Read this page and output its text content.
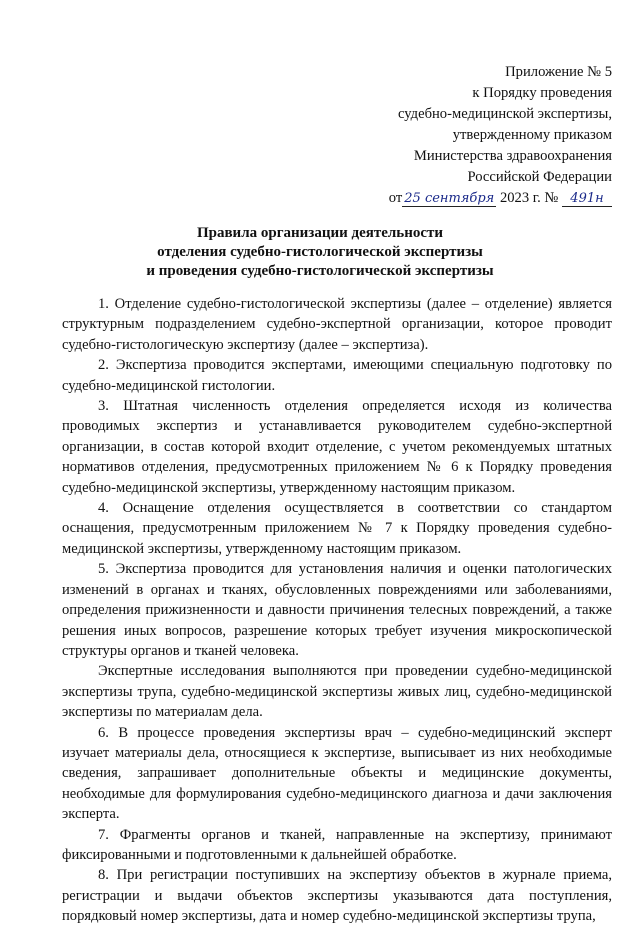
Приложение № 5
к Порядку проведения
судебно-медицинской экспертизы,
утвержденному приказом
Министерства здравоохранения
Российской Федерации
от 25 сентября 2023 г. № 491н
Правила организации деятельности
отделения судебно-гистологической экспертизы
и проведения судебно-гистологической экспертизы

1. Отделение судебно-гистологической экспертизы (далее – отделение) является структурным подразделением судебно-экспертной организации, которое проводит судебно-гистологическую экспертизу (далее – экспертиза).

2. Экспертиза проводится экспертами, имеющими специальную подготовку по судебно-медицинской гистологии.

3. Штатная численность отделения определяется исходя из количества проводимых экспертиз и устанавливается руководителем судебно-экспертной организации, в состав которой входит отделение, с учетом рекомендуемых штатных нормативов отделения, предусмотренных приложением № 6 к Порядку проведения судебно-медицинской экспертизы, утвержденному настоящим приказом.

4. Оснащение отделения осуществляется в соответствии со стандартом оснащения, предусмотренным приложением № 7 к Порядку проведения судебно-медицинской экспертизы, утвержденному настоящим приказом.

5. Экспертиза проводится для установления наличия и оценки патологических изменений в органах и тканях, обусловленных повреждениями или заболеваниями, определения прижизненности и давности причинения телесных повреждений, а также решения иных вопросов, разрешение которых требует изучения микроскопической структуры органов и тканей человека.

Экспертные исследования выполняются при проведении судебно-медицинской экспертизы трупа, судебно-медицинской экспертизы живых лиц, судебно-медицинской экспертизы по материалам дела.

6. В процессе проведения экспертизы врач – судебно-медицинский эксперт изучает материалы дела, относящиеся к экспертизе, выписывает из них необходимые сведения, запрашивает дополнительные объекты и медицинские документы, необходимые для формулирования судебно-медицинского диагноза и дачи заключения эксперта.

7. Фрагменты органов и тканей, направленные на экспертизу, принимают фиксированными и подготовленными к дальнейшей обработке.

8. При регистрации поступивших на экспертизу объектов в журнале приема, регистрации и выдачи объектов экспертизы указываются дата поступления, порядковый номер экспертизы, дата и номер судебно-медицинской экспертизы трупа,
